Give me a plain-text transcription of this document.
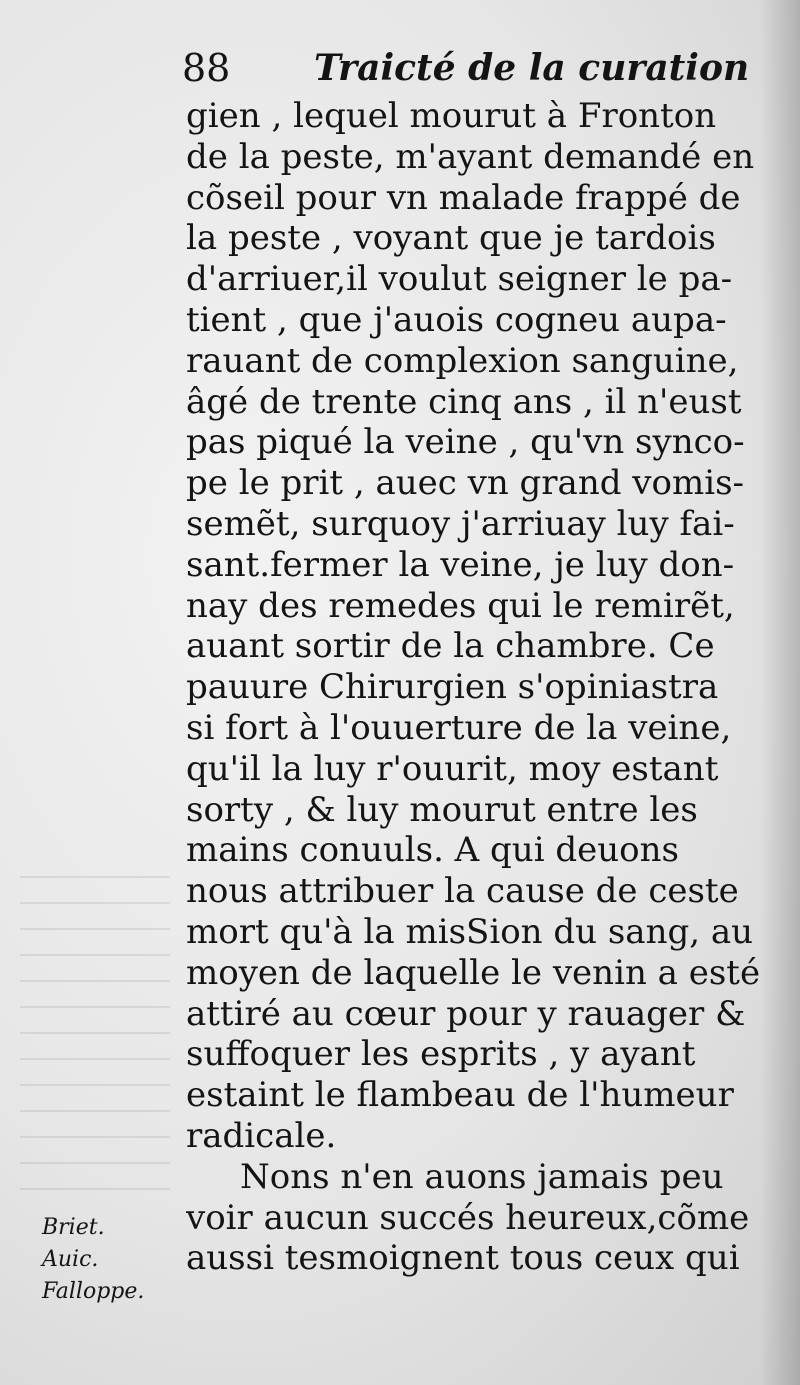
88 Traicté de la curation
gien , lequel mourut à Fronton
de la peste, m'ayant demandé en
cõseil pour vn malade frappé de
la peste , voyant que je tardois
d'arriuer,il voulut seigner le pa-
tient , que j'auois cogneu aupa-
rauant de complexion sanguine,
âgé de trente cinq ans , il n'eust
pas piqué la veine , qu'vn synco-
pe le prit , auec vn grand vomis-
semẽt, surquoy j'arriuay luy fai-
sant.fermer la veine, je luy don-
nay des remedes qui le remirẽt,
auant sortir de la chambre. Ce
pauure Chirurgien s'opiniastra
si fort à l'ouuerture de la veine,
qu'il la luy r'ouurit, moy estant
sorty , & luy mourut entre les
mains conuuls. A qui deuons
nous attribuer la cause de ceste
mort qu'à la misSion du sang, au
moyen de laquelle le venin a esté
attiré au cœur pour y rauager &
suffoquer les esprits , y ayant
estaint le flambeau de l'humeur
radicale.
Nons n'en auons jamais peu
voir aucun succés heureux,cõme
aussi tesmoignent tous ceux qui
Briet.
Auic.
Falloppe.
